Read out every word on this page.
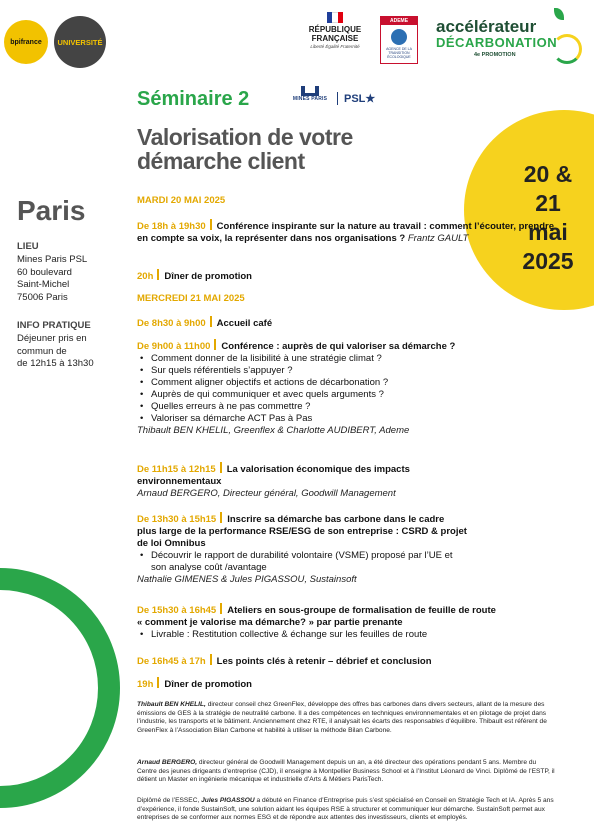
bpifrance UNIVERSITÉ
RÉPUBLIQUE
FRANÇAISE
Liberté Égalité Fraternité
ADEME
AGENCE DE LA TRANSITION ÉCOLOGIQUE
accélérateur
DÉCARBONATION
4e PROMOTION
Séminaire 2	MINES PARIS	PSL★
Valorisation de votre
démarche client	20 & 21
mai
2025
Paris
LIEU
Mines Paris PSL
60 boulevard
Saint-Michel
75006 Paris
INFO PRATIQUE
Déjeuner pris en
commun de
de 12h15 à 13h30
MARDI 20 MAI 2025
De 18h à 19h30 Conférence inspirante sur la nature au travail : comment l’écouter, prendre en compte sa voix, la représenter dans nos organisations ? Frantz GAULT
20h Dîner de promotion
MERCREDI 21 MAI 2025
De 8h30 à 9h00 Accueil café
De 9h00 à 11h00 Conférence : auprès de qui valoriser sa démarche ?
• Comment donner de la lisibilité à une stratégie climat ?
• Sur quels référentiels s’appuyer ?
• Comment aligner objectifs et actions de décarbonation ?
• Auprès de qui communiquer et avec quels arguments ?
• Quelles erreurs à ne pas commettre ?
• Valoriser sa démarche ACT Pas à Pas
Thibault BEN KHELIL, Greenflex & Charlotte AUDIBERT, Ademe
De 11h15 à 12h15 La valorisation économique des impacts
environnementaux
Arnaud BERGERO, Directeur général, Goodwill Management
De 13h30 à 15h15 Inscrire sa démarche bas carbone dans le cadre
plus large de la performance RSE/ESG de son entreprise : CSRD & projet
de loi Omnibus
• Découvrir le rapport de durabilité volontaire (VSME) proposé par l’UE et
son analyse coût /avantage
Nathalie GIMENES & Jules PIGASSOU, Sustainsoft
De 15h30 à 16h45 Ateliers en sous-groupe de formalisation de feuille de route
« comment je valorise ma démarche? » par partie prenante
• Livrable : Restitution collective & échange sur les feuilles de route
De 16h45 à 17h Les points clés à retenir – débrief et conclusion
19h Dîner de promotion
Thibault BEN KHELIL, directeur conseil chez GreenFlex, développe des offres bas carbones dans divers secteurs, allant de la mesure des émissions de GES à la stratégie de neutralité carbone. Il a des compétences en techniques environnementales et en pilotage de projet dans l’industrie, les transports et le bâtiment. Anciennement chez RTE, il analysait les écarts des responsables d’équilibre. Thibault est référent de GreenFlex à l’Association Bilan Carbone et habilité à utiliser la méthode Bilan Carbone.
Arnaud BERGERO, directeur général de Goodwill Management depuis un an, a été directeur des opérations pendant 5 ans. Membre du Centre des jeunes dirigeants d’entreprise (CJD), il enseigne à Montpellier Business School et à l’Institut Léonard de Vinci. Diplômé de l’ESTP, il détient un Master en ingénierie mécanique et industrielle d’Arts & Métiers ParisTech.
Diplômé de l’ESSEC, Jules PIGASSOU a débuté en Finance d’Entreprise puis s’est spécialisé en Conseil en Stratégie Tech et IA. Après 5 ans d’expérience, il fonde SustainSoft, une solution aidant les équipes RSE à structurer et communiquer leur démarche. SustainSoft permet aux entreprises de se conformer aux normes ESG et de répondre aux attentes des investisseurs, clients et employés.
